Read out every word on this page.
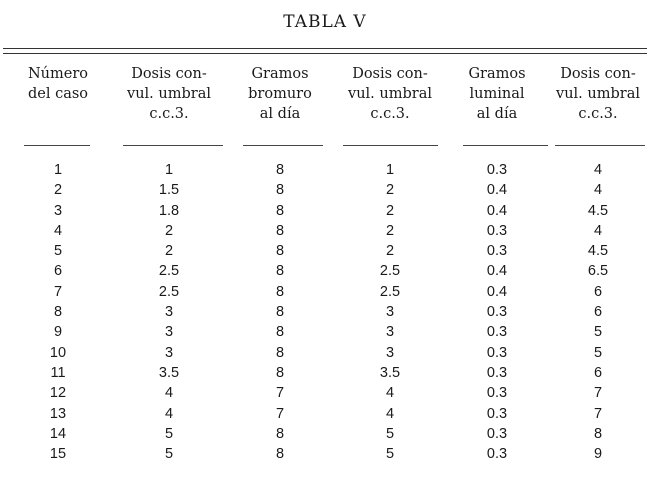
TABLA V
Número
del caso	Dosis con-
vul. umbral
c.c.3.	Gramos
bromuro
al día	Dosis con-
vul. umbral
c.c.3.	Gramos
luminal
al día	Dosis con-
vul. umbral
c.c.3.

1	1	8	1	0.3	4
2	1.5	8	2	0.4	4
3	1.8	8	2	0.4	4.5
4	2	8	2	0.3	4
5	2	8	2	0.3	4.5
6	2.5	8	2.5	0.4	6.5
7	2.5	8	2.5	0.4	6
8	3	8	3	0.3	6
9	3	8	3	0.3	5
10	3	8	3	0.3	5
11	3.5	8	3.5	0.3	6
12	4	7	4	0.3	7
13	4	7	4	0.3	7
14	5	8	5	0.3	8
15	5	8	5	0.3	9
